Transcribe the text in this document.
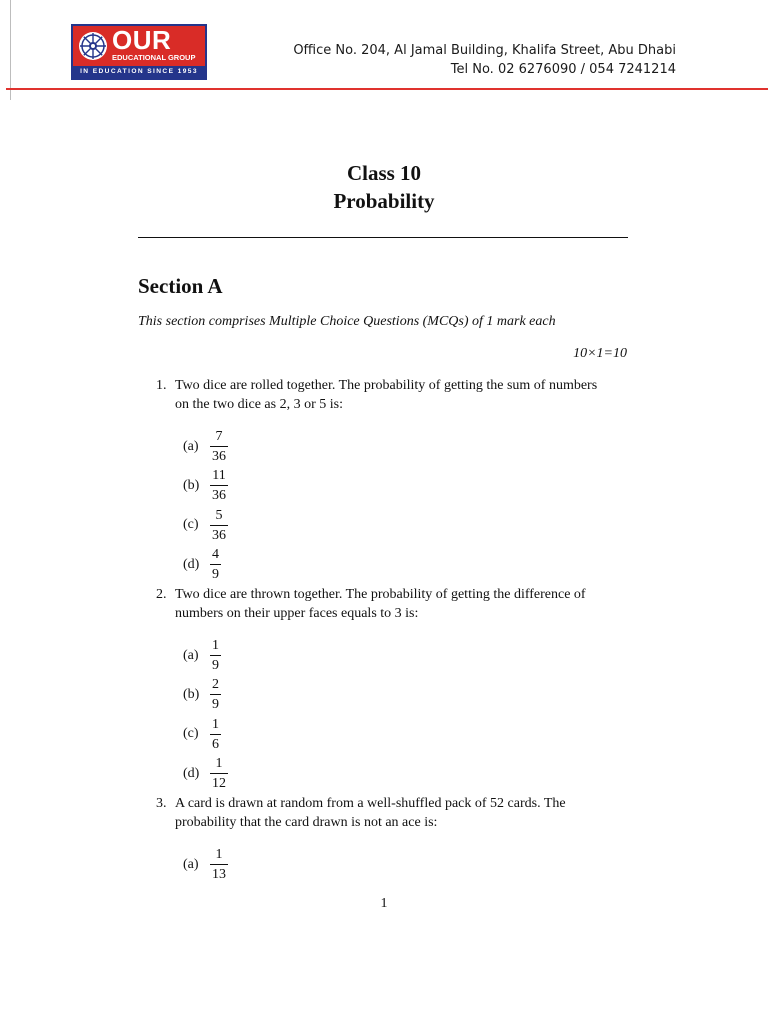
OUR
EDUCATIONAL GROUP
IN EDUCATION SINCE 1953
Office No. 204, Al Jamal Building, Khalifa Street, Abu Dhabi
Tel No. 02 6276090 / 054 7241214
Class 10
Probability
Section A
This section comprises Multiple Choice Questions (MCQs) of 1 mark each
10×1=10
1. Two dice are rolled together. The probability of getting the sum of numbers
on the two dice as 2, 3 or 5 is:
$(a) \frac{7}{36}$
$(b) \frac{11}{36}$
$(c) \frac{5}{36}$
$(d) \frac{4}{9}$
2. Two dice are thrown together. The probability of getting the difference of
numbers on their upper faces equals to 3 is:
$(a) \frac{1}{9}$
$(b) \frac{2}{9}$
$(c) \frac{1}{6}$
$(d) \frac{1}{12}$
3. A card is drawn at random from a well-shuffled pack of 52 cards. The
probability that the card drawn is not an ace is:
$(a) \frac{1}{13}$
1
